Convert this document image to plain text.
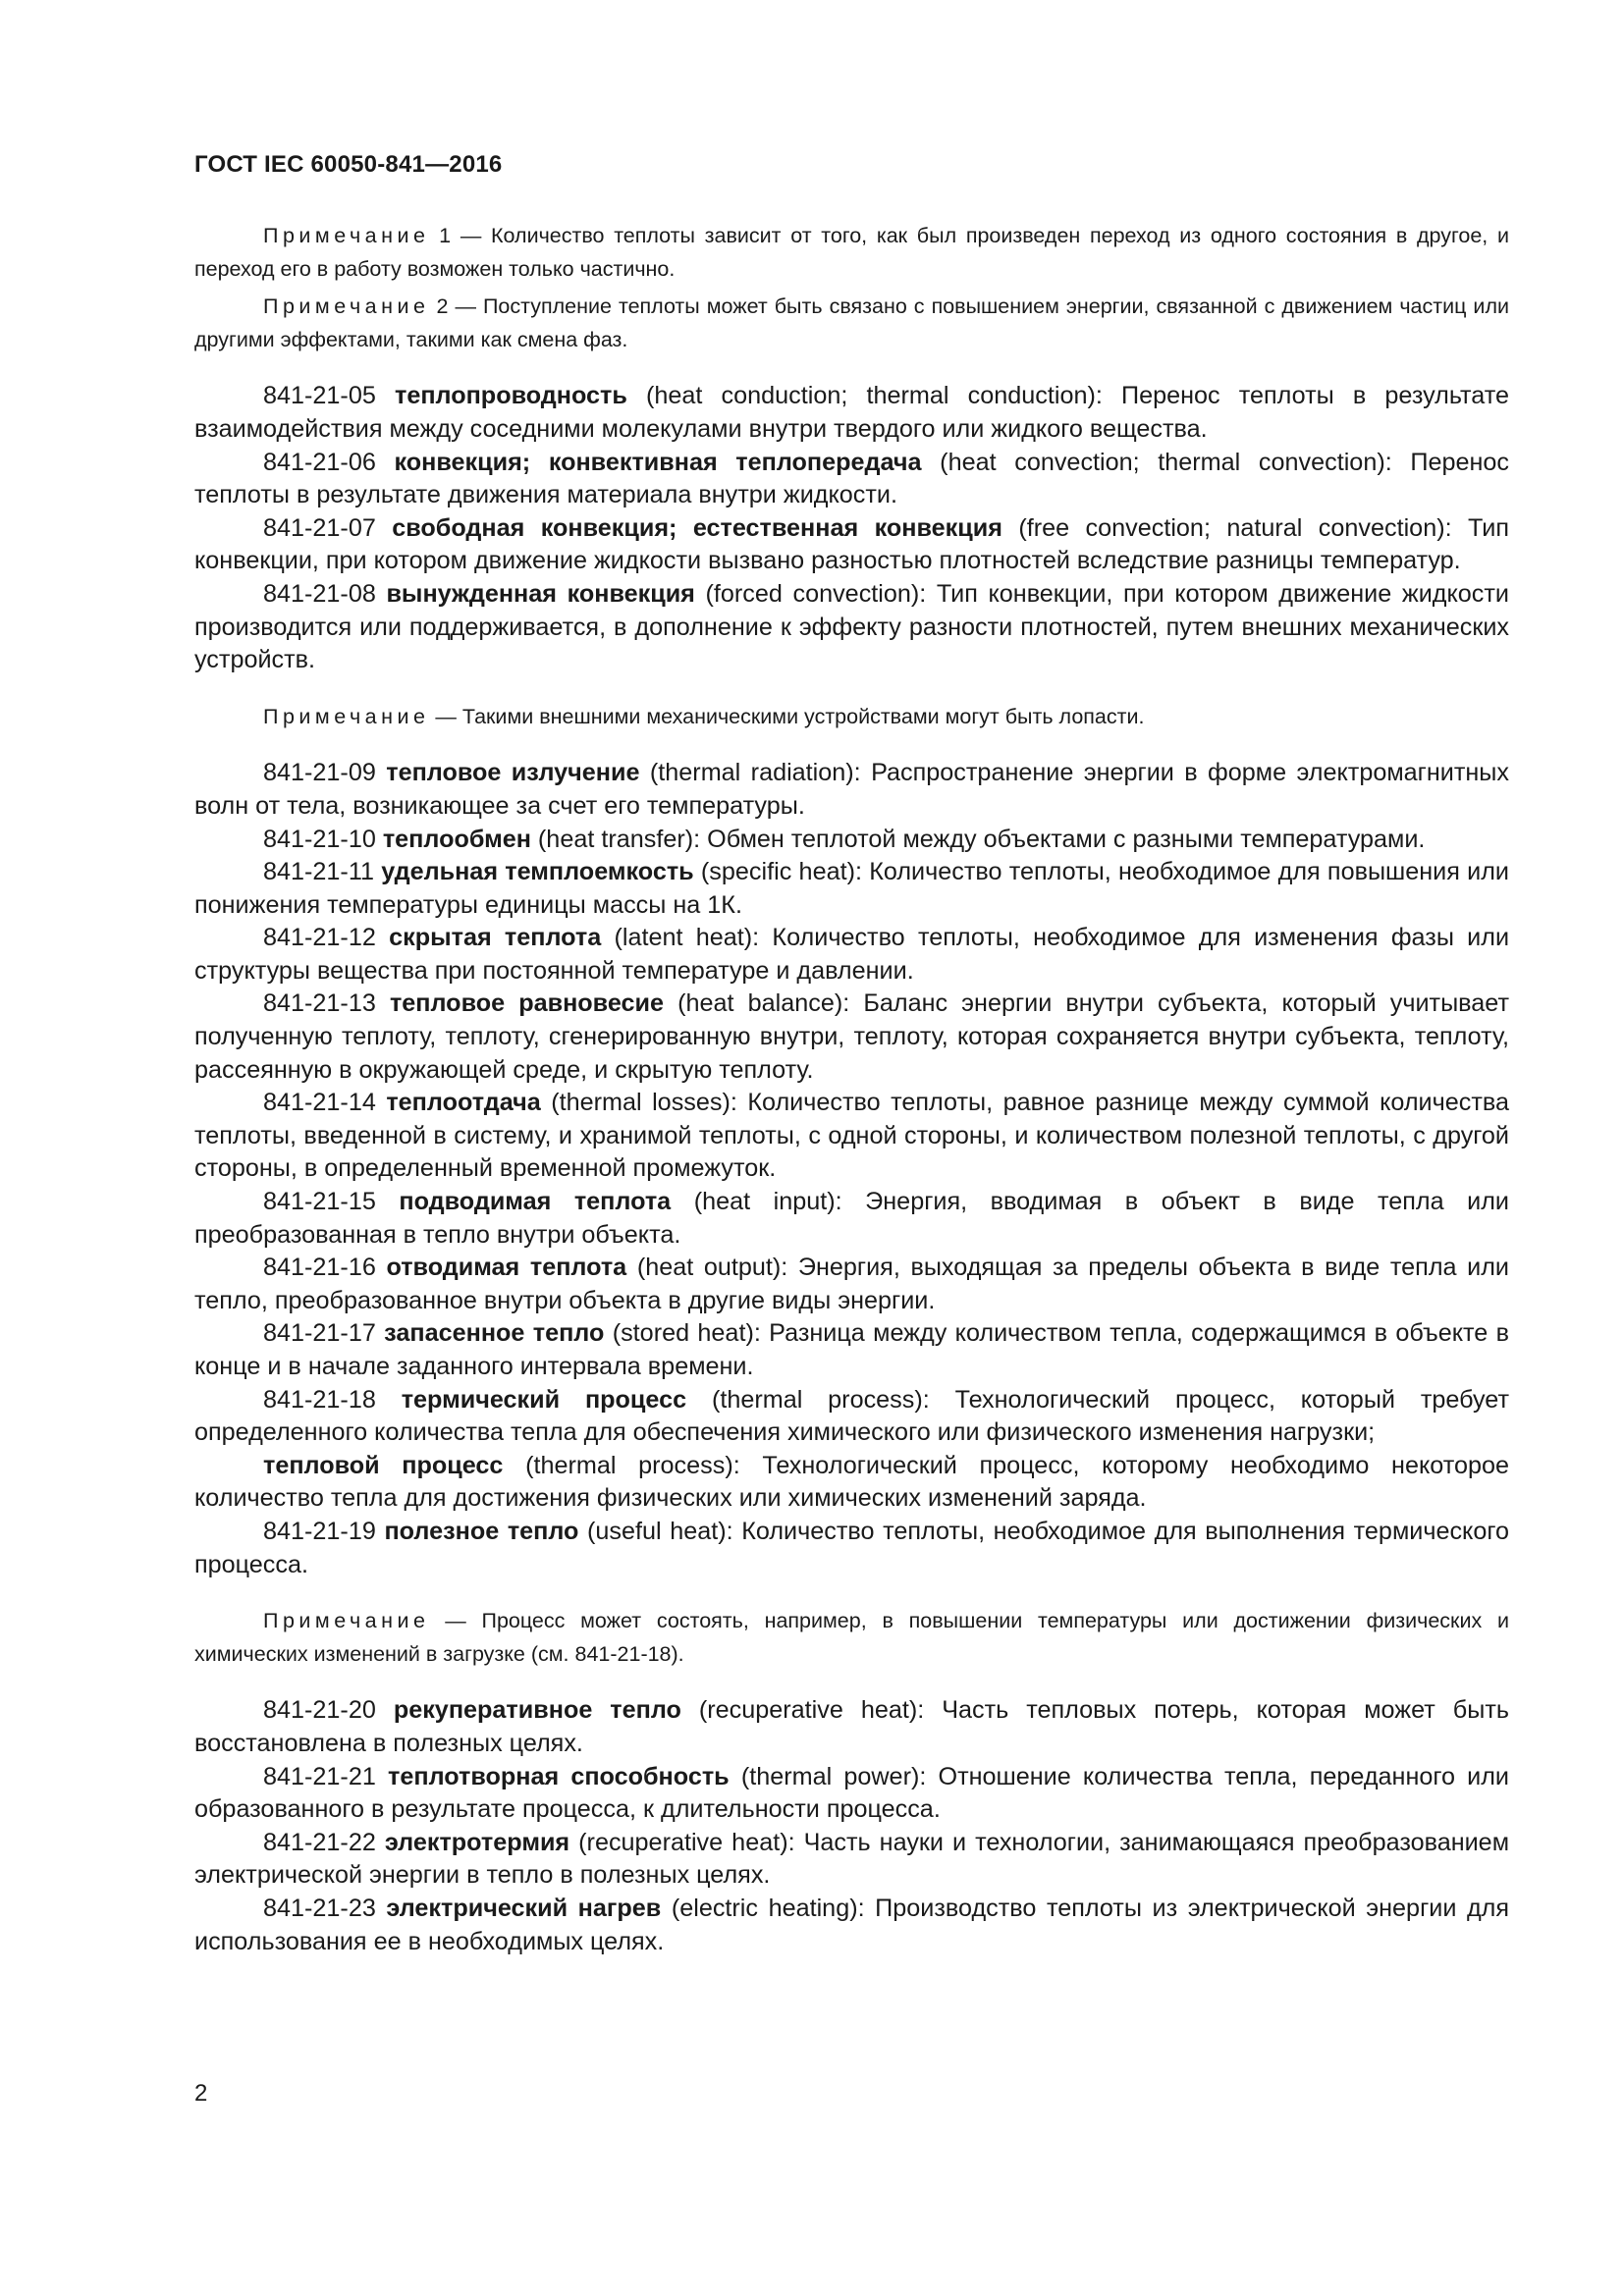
ГОСТ IEC 60050-841—2016

Примечание 1 — Количество теплоты зависит от того, как был произведен переход из одного состояния в другое, и переход его в работу возможен только частично.

Примечание 2 — Поступление теплоты может быть связано с повышением энергии, связанной с движением частиц или другими эффектами, такими как смена фаз.

841-21-05 теплопроводность (heat conduction; thermal conduction): Перенос теплоты в результате взаимодействия между соседними молекулами внутри твердого или жидкого вещества.

841-21-06 конвекция; конвективная теплопередача (heat convection; thermal convection): Перенос теплоты в результате движения материала внутри жидкости.

841-21-07 свободная конвекция; естественная конвекция (free convection; natural convection): Тип конвекции, при котором движение жидкости вызвано разностью плотностей вследствие разницы температур.

841-21-08 вынужденная конвекция (forced convection): Тип конвекции, при котором движение жидкости производится или поддерживается, в дополнение к эффекту разности плотностей, путем внешних механических устройств.

Примечание — Такими внешними механическими устройствами могут быть лопасти.

841-21-09 тепловое излучение (thermal radiation): Распространение энергии в форме электромагнитных волн от тела, возникающее за счет его температуры.

841-21-10 теплообмен (heat transfer): Обмен теплотой между объектами с разными температурами.

841-21-11 удельная темплоемкость (specific heat): Количество теплоты, необходимое для повышения или понижения температуры единицы массы на 1К.

841-21-12 скрытая теплота (latent heat): Количество теплоты, необходимое для изменения фазы или структуры вещества при постоянной температуре и давлении.

841-21-13 тепловое равновесие (heat balance): Баланс энергии внутри субъекта, который учитывает полученную теплоту, теплоту, сгенерированную внутри, теплоту, которая сохраняется внутри субъекта, теплоту, рассеянную в окружающей среде, и скрытую теплоту.

841-21-14 теплоотдача (thermal losses): Количество теплоты, равное разнице между суммой количества теплоты, введенной в систему, и хранимой теплоты, с одной стороны, и количеством полезной теплоты, с другой стороны, в определенный временной промежуток.

841-21-15 подводимая теплота (heat input): Энергия, вводимая в объект в виде тепла или преобразованная в тепло внутри объекта.

841-21-16 отводимая теплота (heat output): Энергия, выходящая за пределы объекта в виде тепла или тепло, преобразованное внутри объекта в другие виды энергии.

841-21-17 запасенное тепло (stored heat): Разница между количеством тепла, содержащимся в объекте в конце и в начале заданного интервала времени.

841-21-18 термический процесс (thermal process): Технологический процесс, который требует определенного количества тепла для обеспечения химического или физического изменения нагрузки;

тепловой процесс (thermal process): Технологический процесс, которому необходимо некоторое количество тепла для достижения физических или химических изменений заряда.

841-21-19 полезное тепло (useful heat): Количество теплоты, необходимое для выполнения термического процесса.

Примечание — Процесс может состоять, например, в повышении температуры или достижении физических и химических изменений в загрузке (см. 841-21-18).

841-21-20 рекуперативное тепло (recuperative heat): Часть тепловых потерь, которая может быть восстановлена в полезных целях.

841-21-21 теплотворная способность (thermal power): Отношение количества тепла, переданного или образованного в результате процесса, к длительности процесса.

841-21-22 электротермия (recuperative heat): Часть науки и технологии, занимающаяся преобразованием электрической энергии в тепло в полезных целях.

841-21-23 электрический нагрев (electric heating): Производство теплоты из электрической энергии для использования ее в необходимых целях.

2
